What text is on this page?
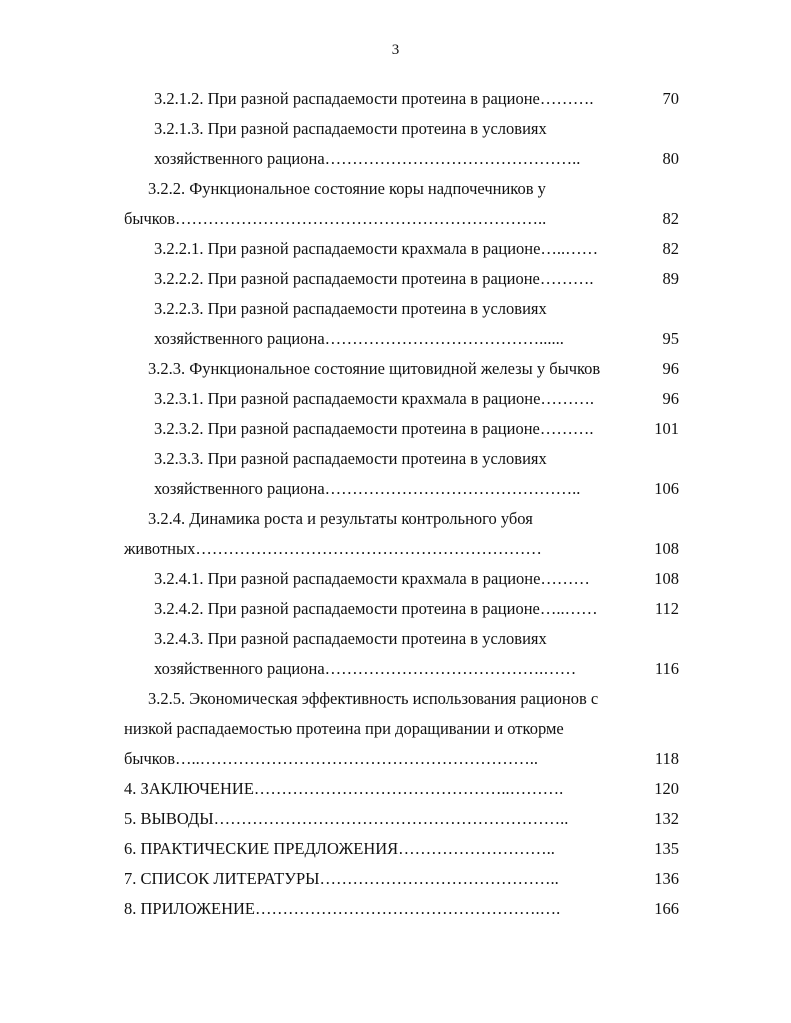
3
3.2.1.2. При разной распадаемости протеина в рационе……….	70
3.2.1.3. При разной распадаемости протеина в условиях
хозяйственного рациона………………………………………..	80
3.2.2. Функциональное состояние коры надпочечников у
бычков…………………………………………………………..	82
3.2.2.1. При разной распадаемости крахмала в рационе…..……	82
3.2.2.2. При разной распадаемости протеина в рационе……….	89
3.2.2.3. При разной распадаемости протеина в условиях
хозяйственного рациона…………………………………......	95
3.2.3. Функциональное состояние щитовидной железы у бычков	96
3.2.3.1. При разной распадаемости крахмала в рационе……….	96
3.2.3.2. При разной распадаемости протеина в рационе……….	101
3.2.3.3. При разной распадаемости протеина в условиях
хозяйственного рациона………………………………………..	106
3.2.4. Динамика роста и результаты контрольного убоя
животных………………………………………………………	108
3.2.4.1. При разной распадаемости крахмала в рационе………	108
3.2.4.2. При разной распадаемости протеина в рационе…..……	112
3.2.4.3. При разной распадаемости протеина в условиях
хозяйственного рациона………………………………….……	116
3.2.5. Экономическая эффективность использования рационов с
низкой распадаемостью протеина при доращивании и откорме
бычков…..……………………………………………………..	118
4. ЗАКЛЮЧЕНИЕ………………………………………..……….	120
5. ВЫВОДЫ………………………………………………………..	132
6. ПРАКТИЧЕСКИЕ ПРЕДЛОЖЕНИЯ………………………..	135
7. СПИСОК ЛИТЕРАТУРЫ……………………………………..	136
8. ПРИЛОЖЕНИЕ…………………………………………….….	166
